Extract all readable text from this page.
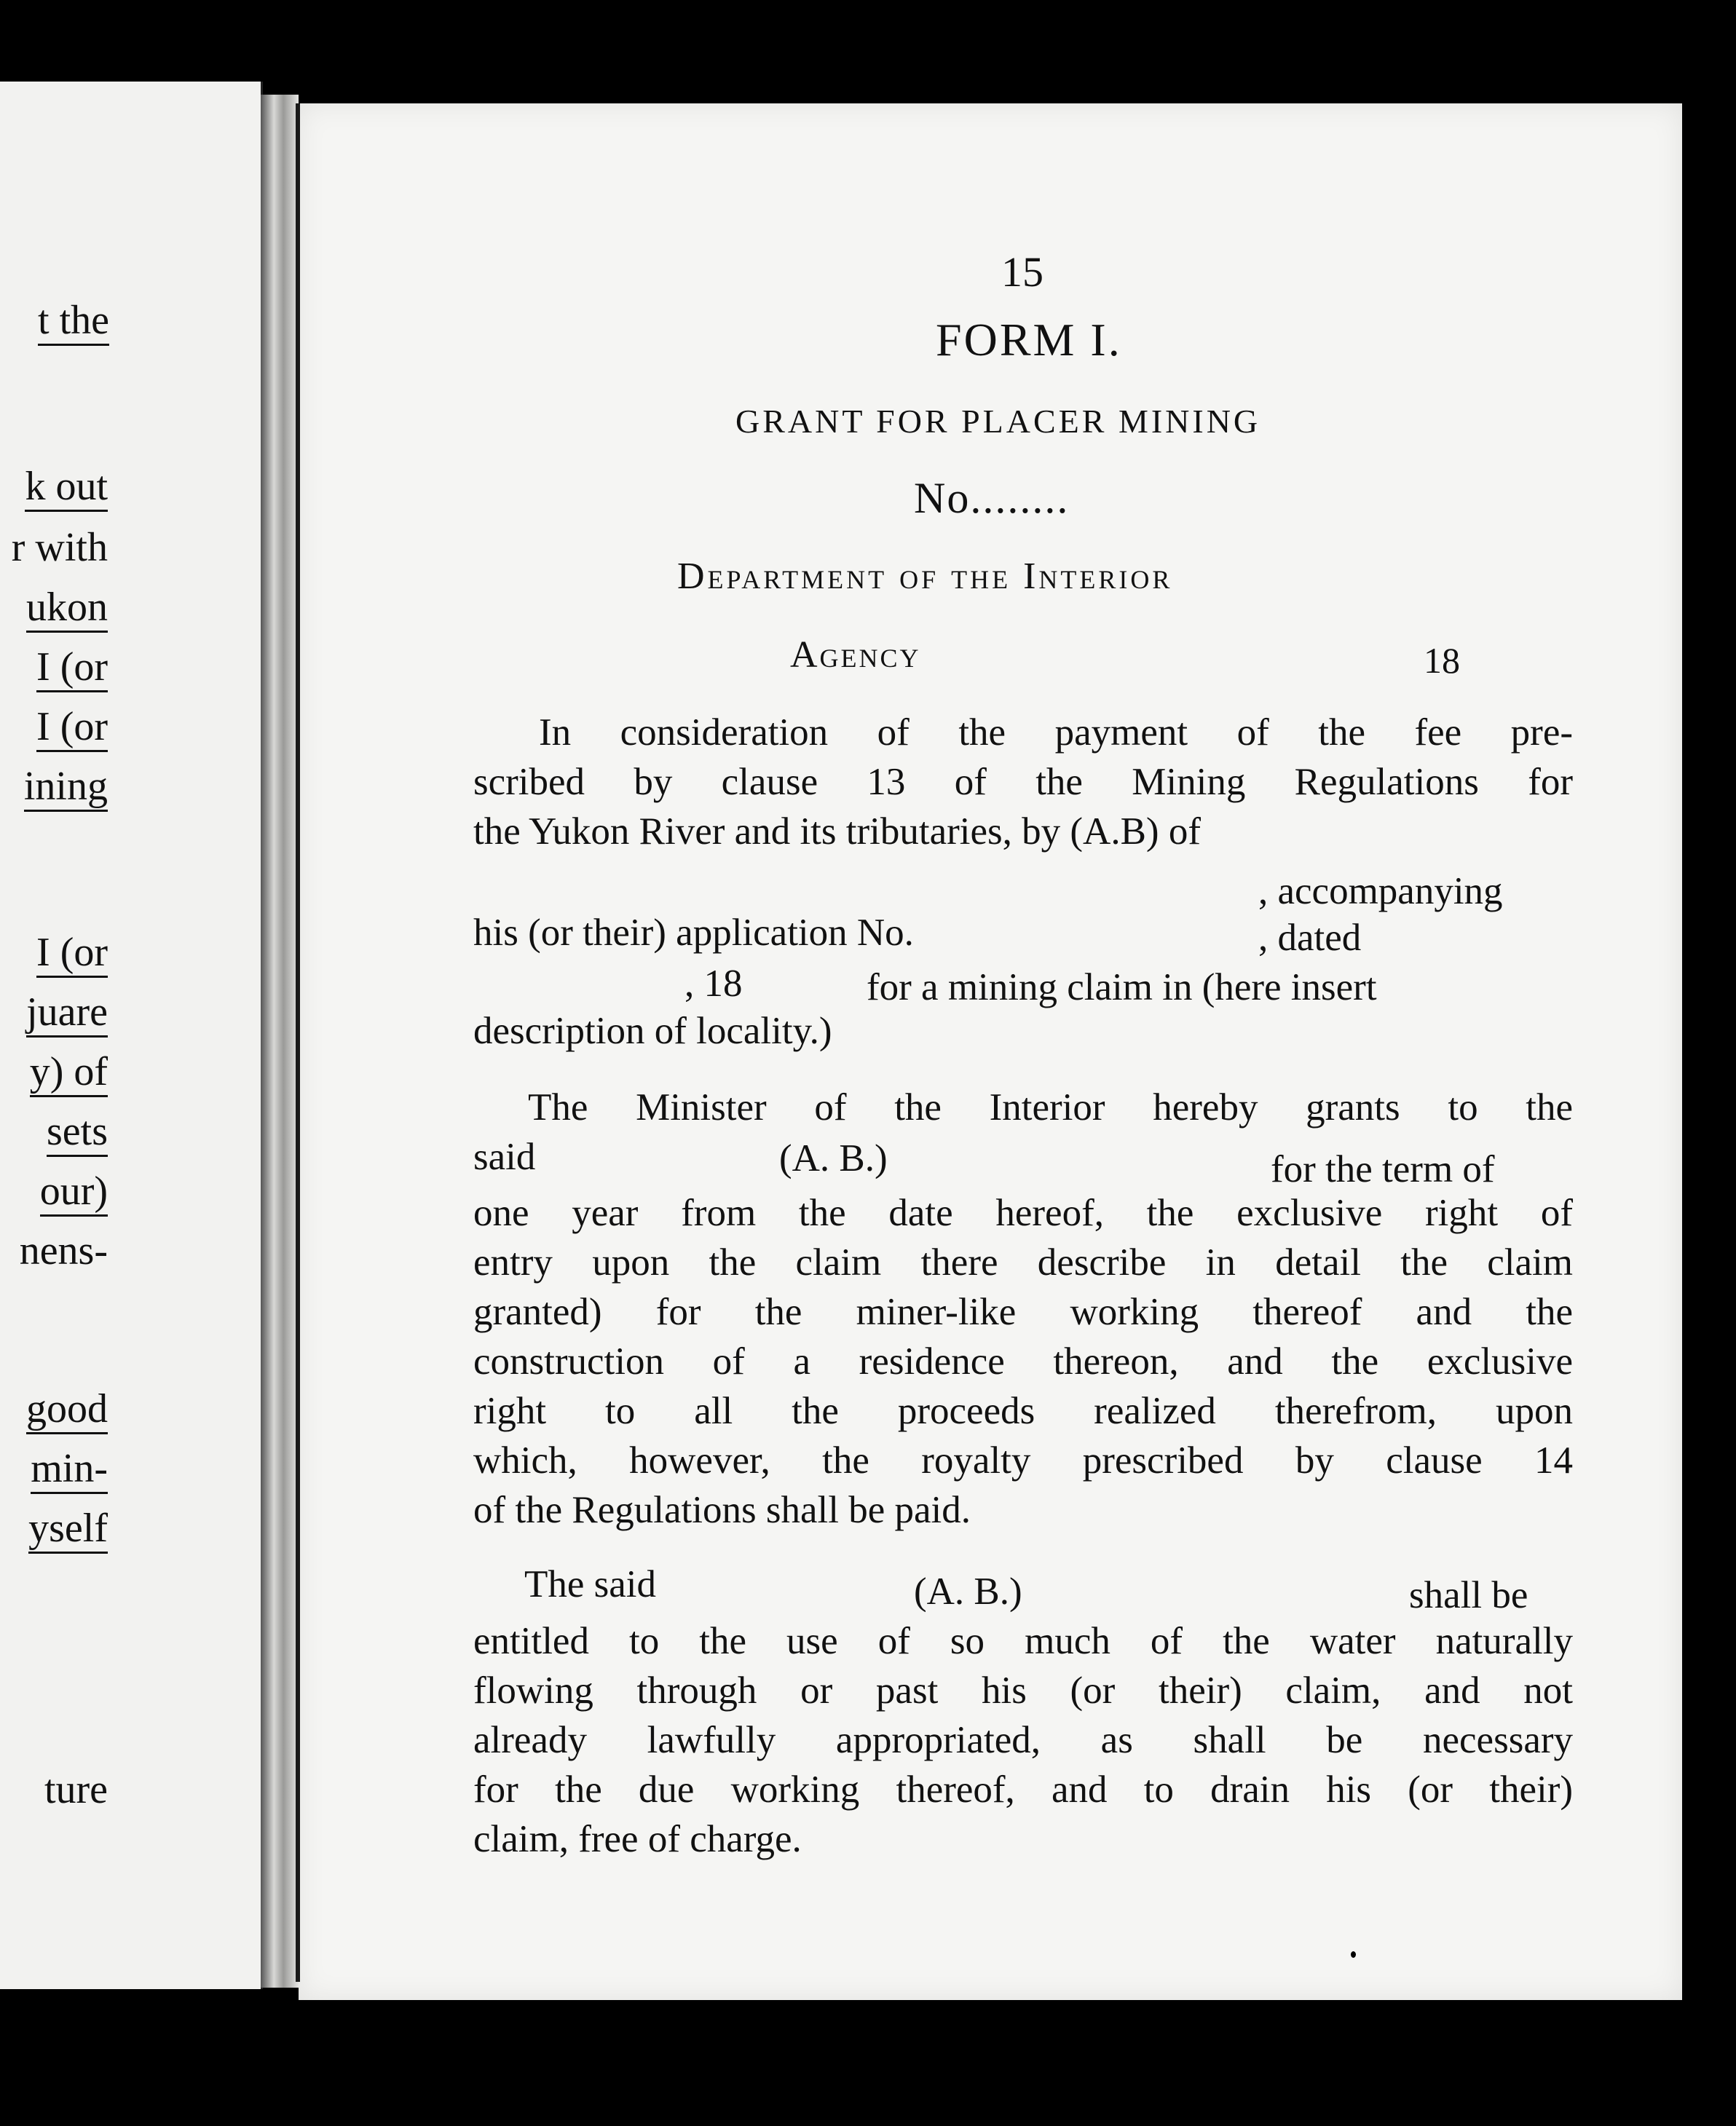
t the
k out
r with
ukon
I (or
I (or
ining
I (or
juare
y) of
sets
our)
nens-
good
min-
yself
ture
15
FORM I.
GRANT FOR PLACER MINING
No........
Department of the Interior
Agency	18
In consideration of the payment of the fee pre-
scribed by clause 13 of the Mining Regulations for
the Yukon River and its tributaries, by (A.B) of
, accompanying
his (or their) application No.	, dated
, 18	for a mining claim in (here insert
description of locality.)
The Minister of the Interior hereby grants to the
said	(A. B.)	for the term of
one year from the date hereof, the exclusive right of
entry upon the claim there describe in detail the claim
granted) for the miner-like working thereof and the
construction of a residence thereon, and the exclusive
right to all the proceeds realized therefrom, upon
which, however, the royalty prescribed by clause 14
of the Regulations shall be paid.
The said	(A. B.)	shall be
entitled to the use of so much of the water naturally
flowing through or past his (or their) claim, and not
already lawfully appropriated, as shall be necessary
for the due working thereof, and to drain his (or their)
claim, free of charge.
